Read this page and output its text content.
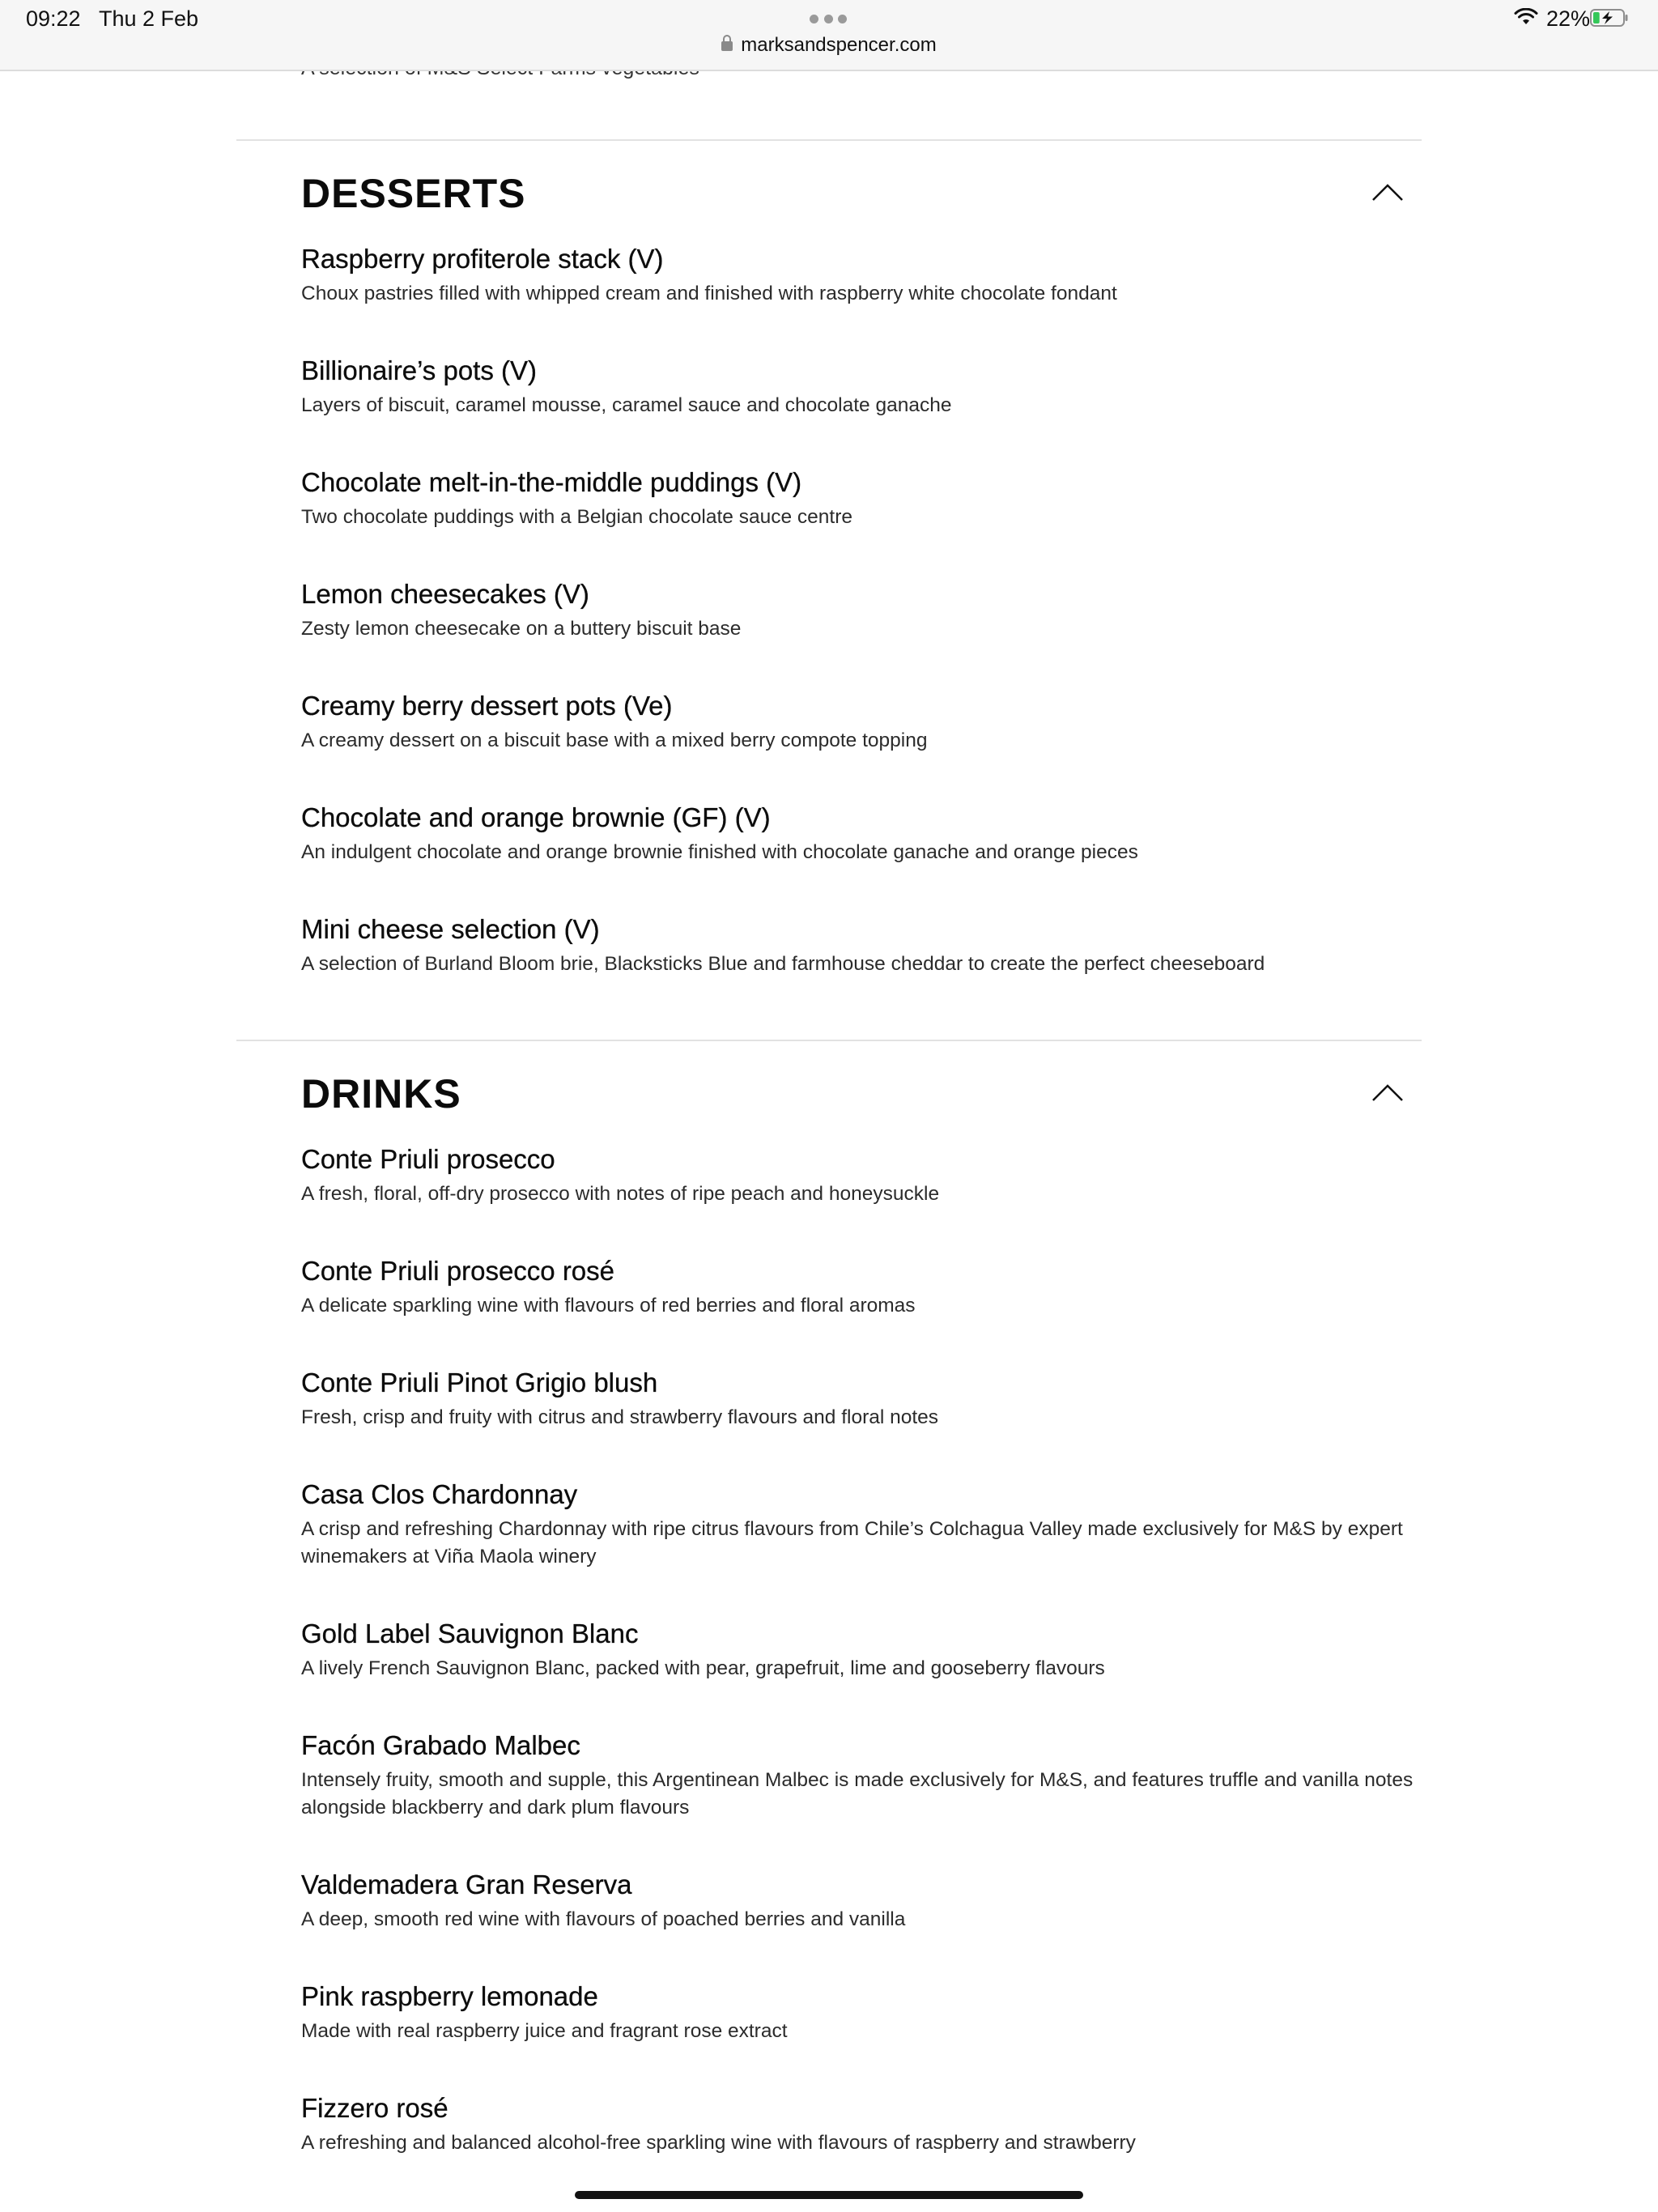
09:22 Thu 2 Feb
marksandspencer.com
22%
DESSERTS
Raspberry profiterole stack (V)
Choux pastries filled with whipped cream and finished with raspberry white chocolate fondant
Billionaire’s pots (V)
Layers of biscuit, caramel mousse, caramel sauce and chocolate ganache
Chocolate melt-in-the-middle puddings (V)
Two chocolate puddings with a Belgian chocolate sauce centre
Lemon cheesecakes (V)
Zesty lemon cheesecake on a buttery biscuit base
Creamy berry dessert pots (Ve)
A creamy dessert on a biscuit base with a mixed berry compote topping
Chocolate and orange brownie (GF) (V)
An indulgent chocolate and orange brownie finished with chocolate ganache and orange pieces
Mini cheese selection (V)
A selection of Burland Bloom brie, Blacksticks Blue and farmhouse cheddar to create the perfect cheeseboard
DRINKS
Conte Priuli prosecco
A fresh, floral, off-dry prosecco with notes of ripe peach and honeysuckle
Conte Priuli prosecco rosé
A delicate sparkling wine with flavours of red berries and floral aromas
Conte Priuli Pinot Grigio blush
Fresh, crisp and fruity with citrus and strawberry flavours and floral notes
Casa Clos Chardonnay
A crisp and refreshing Chardonnay with ripe citrus flavours from Chile’s Colchagua Valley made exclusively for M&S by expert winemakers at Viña Maola winery
Gold Label Sauvignon Blanc
A lively French Sauvignon Blanc, packed with pear, grapefruit, lime and gooseberry flavours
Facón Grabado Malbec
Intensely fruity, smooth and supple, this Argentinean Malbec is made exclusively for M&S, and features truffle and vanilla notes alongside blackberry and dark plum flavours
Valdemadera Gran Reserva
A deep, smooth red wine with flavours of poached berries and vanilla
Pink raspberry lemonade
Made with real raspberry juice and fragrant rose extract
Fizzero rosé
A refreshing and balanced alcohol-free sparkling wine with flavours of raspberry and strawberry
